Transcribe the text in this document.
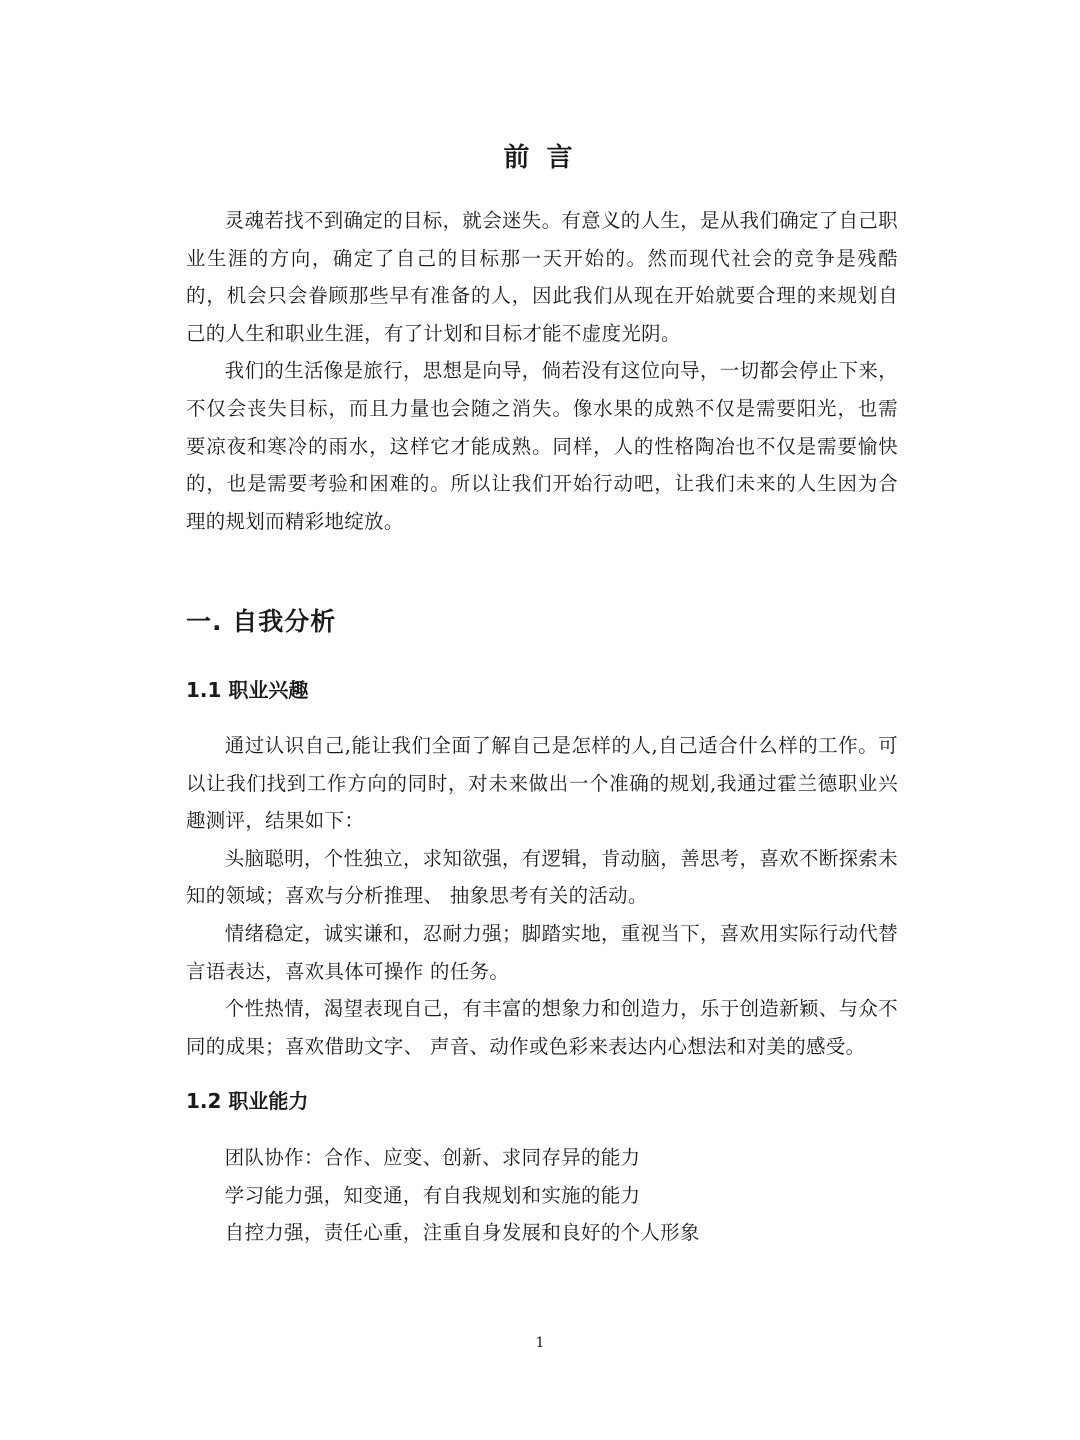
前 言

灵魂若找不到确定的目标，就会迷失。有意义的人生，是从我们确定了自己职业生涯的方向，确定了自己的目标那一天开始的。然而现代社会的竞争是残酷的，机会只会眷顾那些早有准备的人，因此我们从现在开始就要合理的来规划自己的人生和职业生涯，有了计划和目标才能不虚度光阴。

我们的生活像是旅行，思想是向导，倘若没有这位向导，一切都会停止下来，不仅会丧失目标，而且力量也会随之消失。像水果的成熟不仅是需要阳光，也需要凉夜和寒冷的雨水，这样它才能成熟。同样，人的性格陶冶也不仅是需要愉快的，也是需要考验和困难的。所以让我们开始行动吧，让我们未来的人生因为合理的规划而精彩地绽放。

一. 自我分析
1.1 职业兴趣

通过认识自己,能让我们全面了解自己是怎样的人,自己适合什么样的工作。可以让我们找到工作方向的同时，对未来做出一个准确的规划,我通过霍兰德职业兴趣测评，结果如下：

头脑聪明，个性独立，求知欲强，有逻辑，肯动脑，善思考，喜欢不断探索未知的领域；喜欢与分析推理、 抽象思考有关的活动。

情绪稳定，诚实谦和，忍耐力强；脚踏实地，重视当下，喜欢用实际行动代替言语表达，喜欢具体可操作 的任务。

个性热情，渴望表现自己，有丰富的想象力和创造力，乐于创造新颖、与众不同的成果；喜欢借助文字、 声音、动作或色彩来表达内心想法和对美的感受。

1.2 职业能力

团队协作：合作、应变、创新、求同存异的能力

学习能力强，知变通，有自我规划和实施的能力

自控力强，责任心重，注重自身发展和良好的个人形象

1
